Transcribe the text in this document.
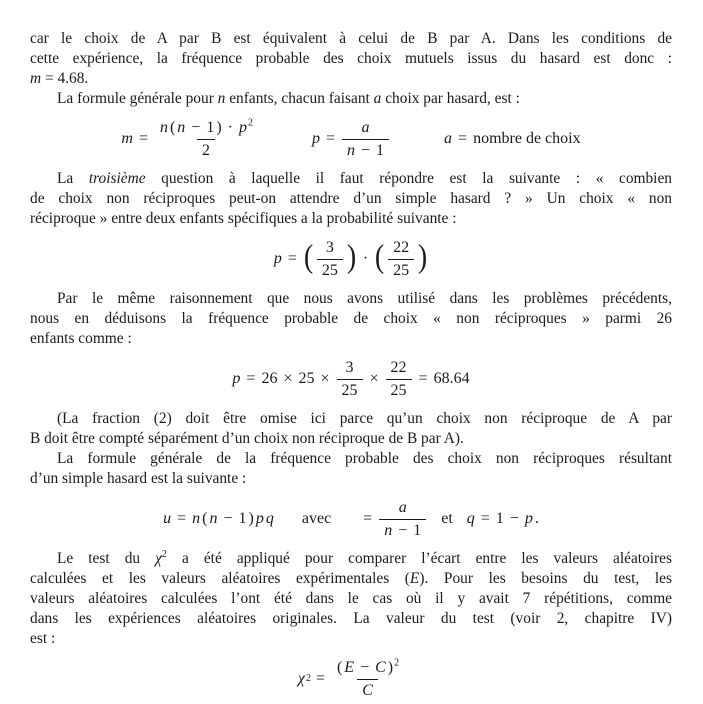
car le choix de A par B est équivalent à celui de B par A. Dans les conditions de
cette expérience, la fréquence probable des choix mutuels issus du hasard est donc :
m = 4.68.
La formule générale pour n enfants, chacun faisant a choix par hasard, est :
$m = \frac{n ( n - 1 ) \cdot p^2}{2}$	$p = \frac{a}{n - 1}$	a = nombre de choix
La troisième question à laquelle il faut répondre est la suivante : « combien
de choix non réciproques peut-on attendre d’un simple hasard ? » Un choix « non
réciproque » entre deux enfants spécifiques a la probabilité suivante :
p = ( $\frac{3}{25}$ ) · ( $\frac{22}{25}$ )
Par le même raisonnement que nous avons utilisé dans les problèmes précédents,
nous en déduisons la fréquence probable de choix « non réciproques » parmi 26
enfants comme :
$p = 26 \times 25 \times \frac{3}{25} \times \frac{22}{25} = 68.64$
(La fraction (2) doit être omise ici parce qu’un choix non réciproque de A par
B doit être compté séparément d’un choix non réciproque de B par A).
La formule générale de la fréquence probable des choix non réciproques résultant
d’un simple hasard est la suivante :
u = n ( n − 1 ) p q avec	= $\frac{a}{n - 1}$ et q = 1 − p .
Le test du $\chi^2$ a été appliqué pour comparer l’écart entre les valeurs aléatoires
calculées et les valeurs aléatoires expérimentales (E). Pour les besoins du test, les
valeurs aléatoires calculées l’ont été dans le cas où il y avait 7 répétitions, comme
dans les expériences aléatoires originales. La valeur du test (voir 2, chapitre IV)
est :
χ $2 = \frac{( E - C )^2}{C}$
